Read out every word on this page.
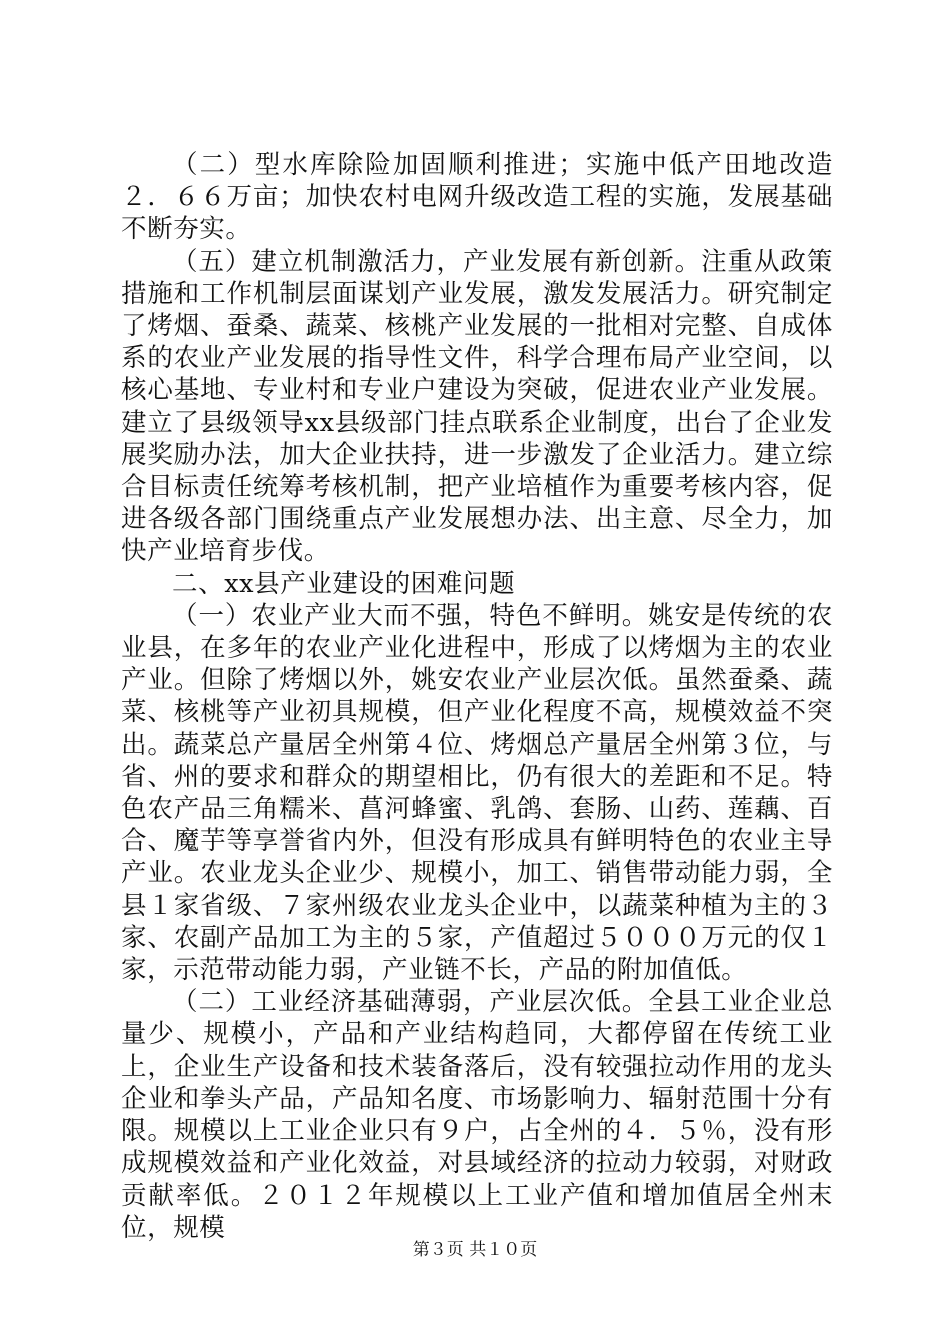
（二）型水库除险加固顺利推进；实施中低产田地改造２．６６万亩；加快农村电网升级改造工程的实施，发展基础不断夯实。

（五）建立机制激活力，产业发展有新创新。注重从政策措施和工作机制层面谋划产业发展，激发发展活力。研究制定了烤烟、蚕桑、蔬菜、核桃产业发展的一批相对完整、自成体系的农业产业发展的指导性文件，科学合理布局产业空间，以核心基地、专业村和专业户建设为突破，促进农业产业发展。建立了县级领导xx县级部门挂点联系企业制度，出台了企业发展奖励办法，加大企业扶持，进一步激发了企业活力。建立综合目标责任统筹考核机制，把产业培植作为重要考核内容，促进各级各部门围绕重点产业发展想办法、出主意、尽全力，加快产业培育步伐。

二、xx县产业建设的困难问题

（一）农业产业大而不强，特色不鲜明。姚安是传统的农业县，在多年的农业产业化进程中，形成了以烤烟为主的农业产业。但除了烤烟以外，姚安农业产业层次低。虽然蚕桑、蔬菜、核桃等产业初具规模，但产业化程度不高，规模效益不突出。蔬菜总产量居全州第４位、烤烟总产量居全州第３位，与省、州的要求和群众的期望相比，仍有很大的差距和不足。特色农产品三角糯米、菖河蜂蜜、乳鸽、套肠、山药、莲藕、百合、魔芋等享誉省内外，但没有形成具有鲜明特色的农业主导产业。农业龙头企业少、规模小，加工、销售带动能力弱，全县１家省级、７家州级农业龙头企业中，以蔬菜种植为主的３家、农副产品加工为主的５家，产值超过５０００万元的仅１家，示范带动能力弱，产业链不长，产品的附加值低。

（二）工业经济基础薄弱，产业层次低。全县工业企业总量少、规模小，产品和产业结构趋同，大都停留在传统工业上，企业生产设备和技术装备落后，没有较强拉动作用的龙头企业和拳头产品，产品知名度、市场影响力、辐射范围十分有限。规模以上工业企业只有９户，占全州的４．５％，没有形成规模效益和产业化效益，对县域经济的拉动力较弱，对财政贡献率低。２０１２年规模以上工业产值和增加值居全州末位，规模

第３页 共１０页
